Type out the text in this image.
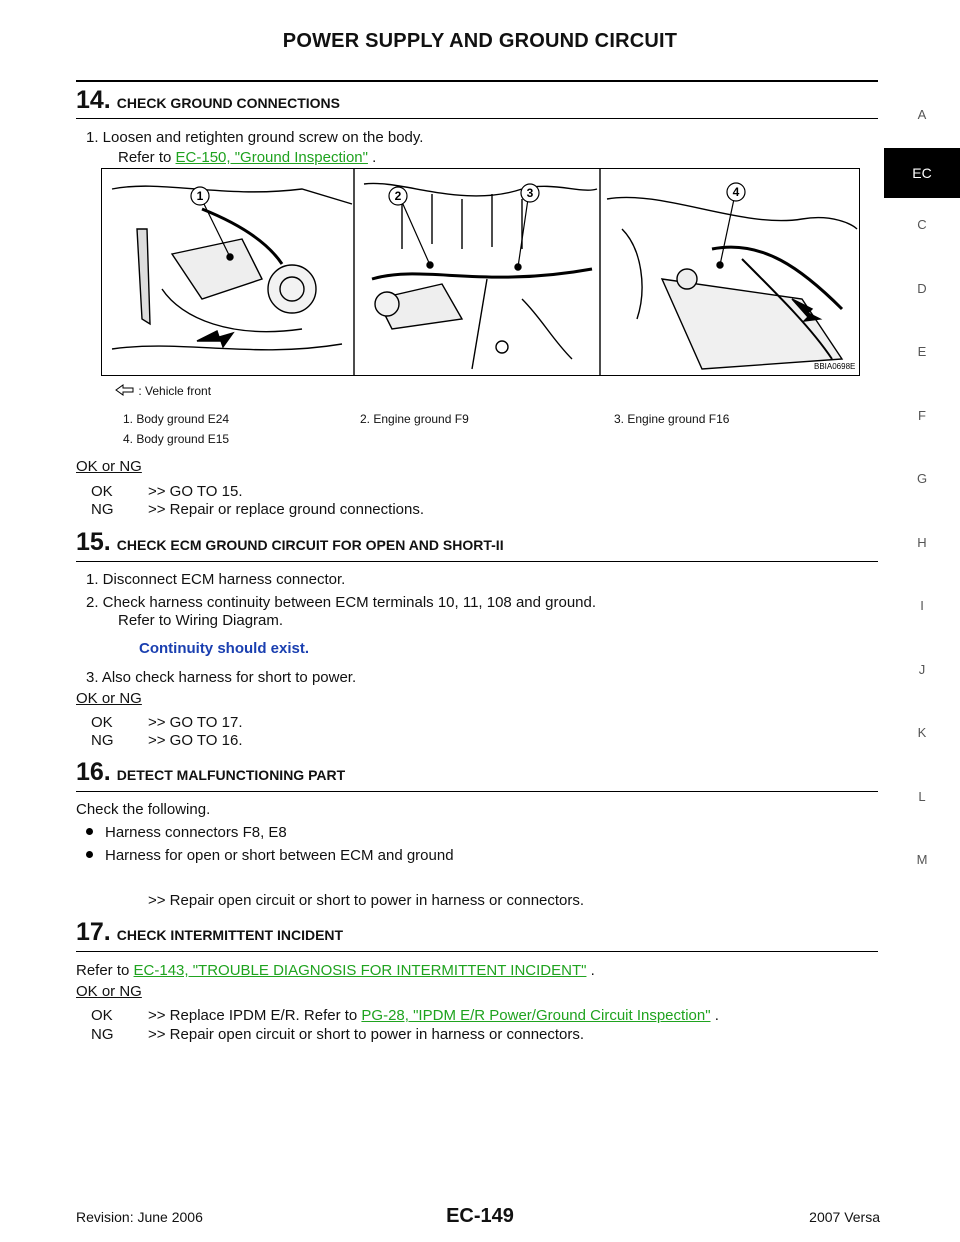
POWER SUPPLY AND GROUND CIRCUIT
A
EC
C
D
E
F
G
H
I
J
K
L
M
14. CHECK GROUND CONNECTIONS
1. Loosen and retighten ground screw on the body.
Refer to EC-150, "Ground Inspection" .
1	2	3	4
BBIA0698E
: Vehicle front
1. Body ground E24	2. Engine ground F9	3. Engine ground F16
4. Body ground E15
OK or NG
OK >> GO TO 15.
NG >> Repair or replace ground connections.
15. CHECK ECM GROUND CIRCUIT FOR OPEN AND SHORT-II
1. Disconnect ECM harness connector.
2. Check harness continuity between ECM terminals 10, 11, 108 and ground.
Refer to Wiring Diagram.
Continuity should exist.
3. Also check harness for short to power.
OK or NG
OK >> GO TO 17.
NG >> GO TO 16.
16. DETECT MALFUNCTIONING PART
Check the following.
Harness connectors F8, E8
Harness for open or short between ECM and ground
>> Repair open circuit or short to power in harness or connectors.
17. CHECK INTERMITTENT INCIDENT
Refer to EC-143, "TROUBLE DIAGNOSIS FOR INTERMITTENT INCIDENT" .
OK or NG
OK >> Replace IPDM E/R. Refer to PG-28, "IPDM E/R Power/Ground Circuit Inspection" .
NG >> Repair open circuit or short to power in harness or connectors.
Revision: June 2006	EC-149	2007 Versa
